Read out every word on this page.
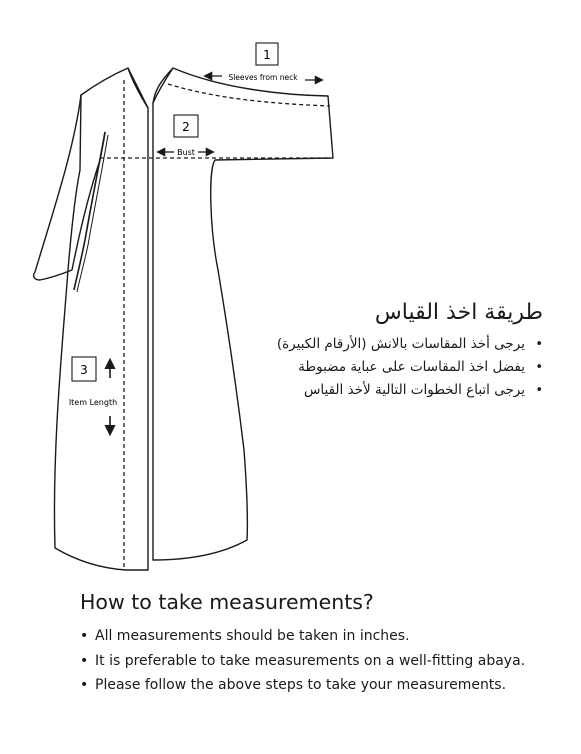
1
Sleeves from neck
2
Bust
3
Item Length
طريقة اخذ القياس
• يرجى أخذ المقاسات بالانش (الأرقام الكبيرة)
• يفضل اخذ المقاسات على عباية مضبوطة
• يرجى اتباع الخطوات التالية لأخذ القياس
How to take measurements?
• All measurements should be taken in inches.
• It is preferable to take measurements on a well-fitting abaya.
• Please follow the above steps to take your measurements.
